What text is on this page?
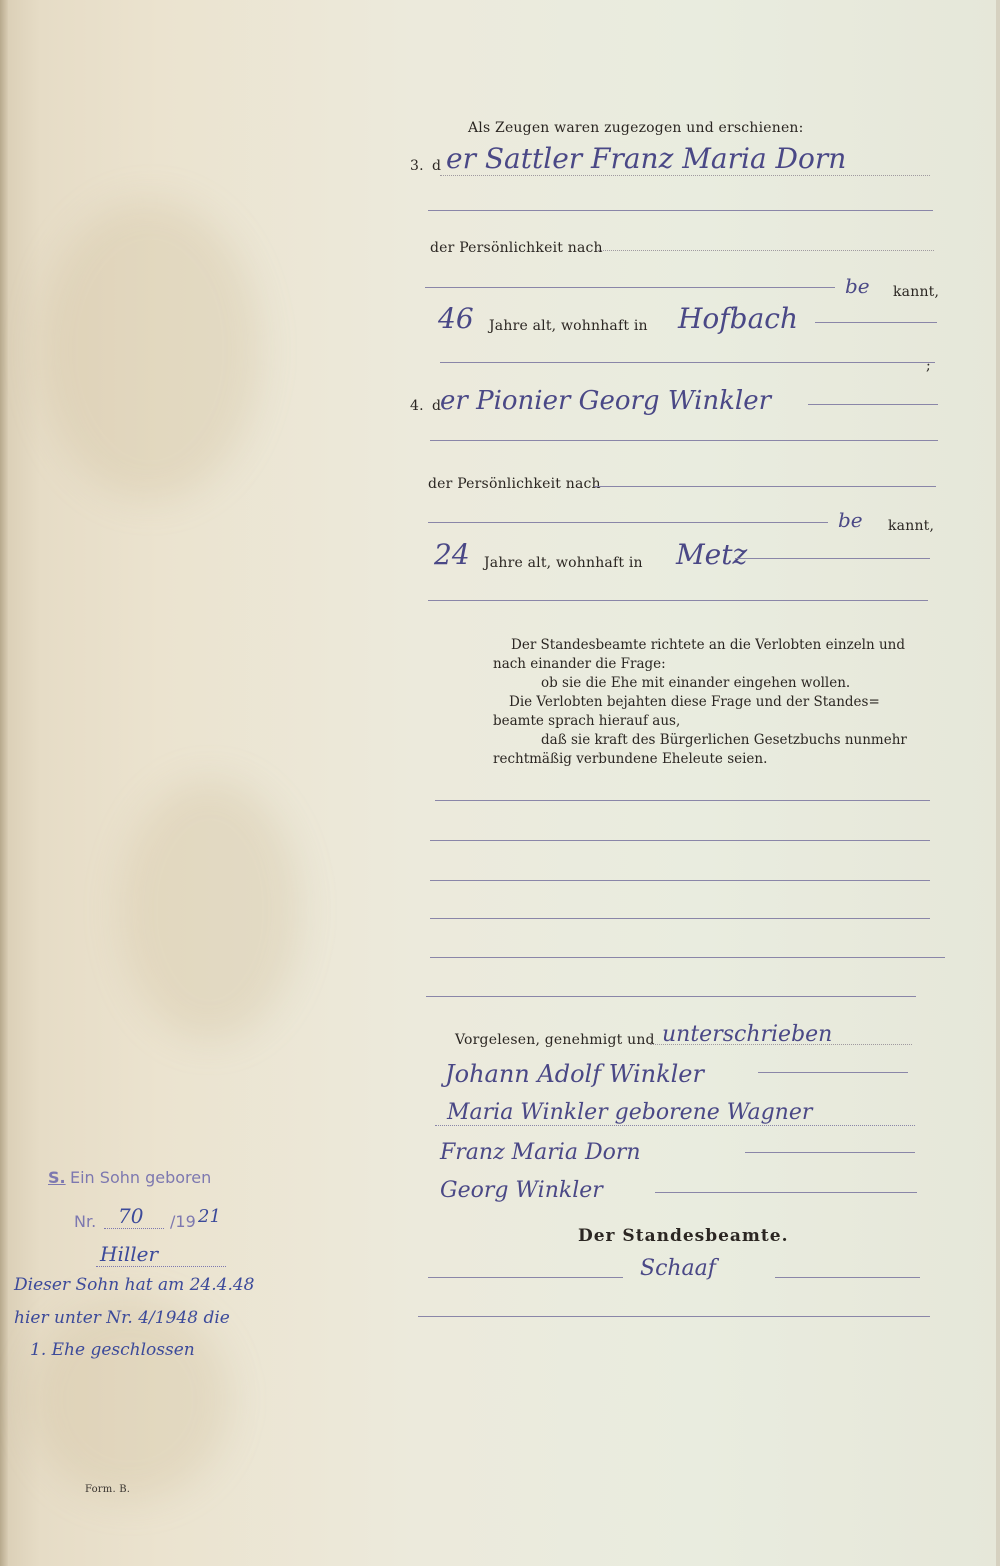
Als Zeugen waren zugezogen und erschienen:
3. d er Sattler Franz Maria Dorn
der Persönlichkeit nach
be kannt,
46 Jahre alt, wohnhaft in Hofbach
;
4. d
er Pionier Georg Winkler
der Persönlichkeit nach
be kannt,
24 Jahre alt, wohnhaft in Metz
Der Standesbeamte richtete an die Verlobten einzeln und
nach einander die Frage:
ob sie die Ehe mit einander eingehen wollen.
Die Verlobten bejahten diese Frage und der Standes=
beamte sprach hierauf aus,
daß sie kraft des Bürgerlichen Gesetzbuchs nunmehr
rechtmäßig verbundene Eheleute seien.
Vorgelesen, genehmigt und unterschrieben
Johann Adolf Winkler
Maria Winkler geborene Wagner
Franz Maria Dorn
Georg Winkler
Der Standesbeamte.
Schaaf
S. Ein Sohn geboren
Nr. 70 /19 21
Hiller
Dieser Sohn hat am 24.4.48
hier unter Nr. 4/1948 die
1. Ehe geschlossen
Form. B.
